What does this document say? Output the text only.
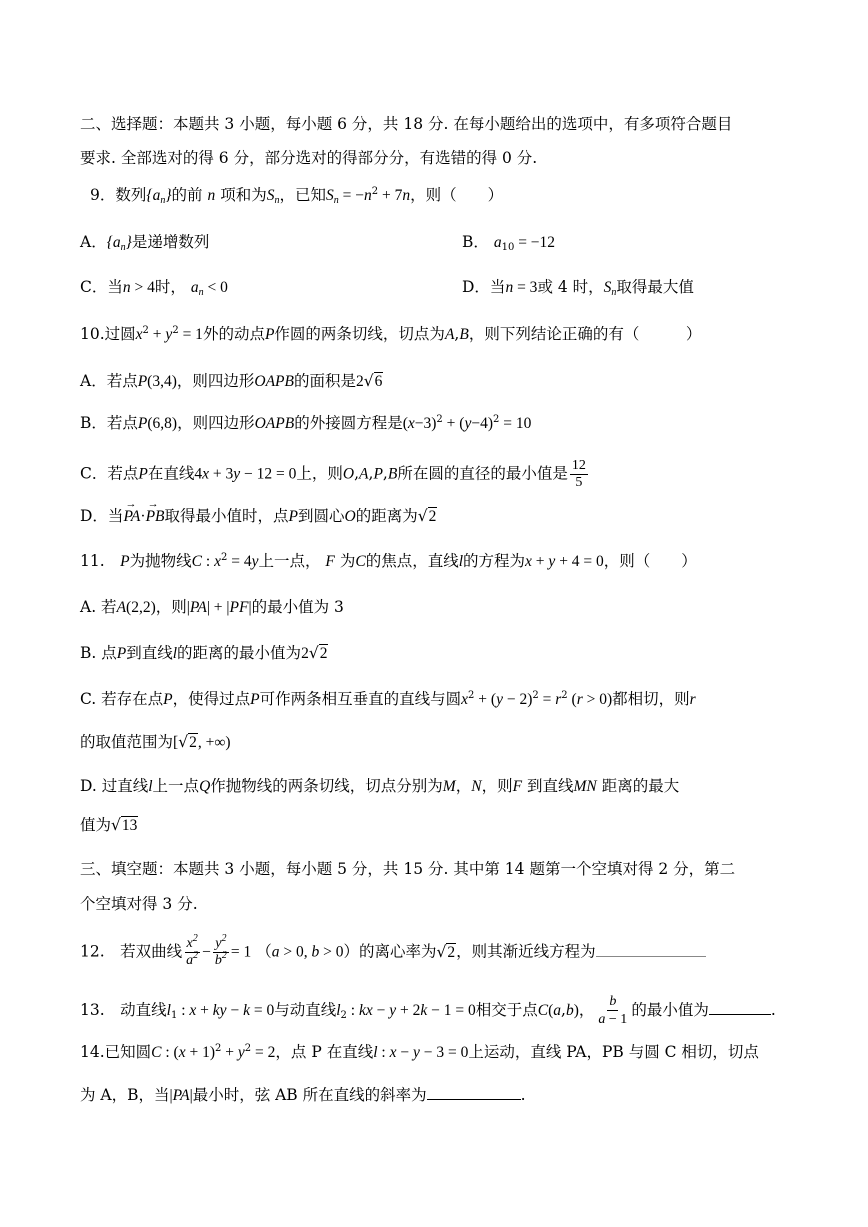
二、选择题：本题共 3 小题，每小题 6 分，共 18 分. 在每小题给出的选项中，有多项符合题目
要求. 全部选对的得 6 分，部分选对的得部分分，有选错的得 0 分.
9．数列$\{a_n\}$的前 n 项和为$S_n$，已知$S_n = -n^2 + 7n$，则（　　）
A．$\{a_n\}$是递增数列	B． $a_{10} = -12$
C．当n > 4时， $a_n < 0$	D．当n = 3或 4 时，$S_n$取得最大值
10.过圆$x^2 + y^2 = 1$外的动点P作圆的两条切线，切点为A,B，则下列结论正确的有（　　　）
A．若点P(3,4)，则四边形OAPB的面积是2√6
B．若点P(6,8)，则四边形OAPB的外接圆方程是$(x-3)^2 + (y-4)^2 = 10$
C．若点P在直线4x + 3y − 12 = 0上，则O,A,P,B所在圆的直径的最小值是 $\frac{12}{5}$
D．当→ PA·→ PB取得最小值时，点P到圆心O的距离为√2
11.　 P为抛物线C : $x^2 = 4y$上一点， F 为C的焦点，直线l的方程为x + y + 4 = 0，则（　　）
A. 若A(2,2)，则|PA| + |PF|的最小值为 3
B. 点P到直线l的距离的最小值为2√2
C. 若存在点P，使得过点P可作两条相互垂直的直线与圆$x^2 + (y - 2)^2 = r^2$ (r > 0)都相切，则r
的取值范围为[√2, +∞)
D. 过直线l上一点Q作抛物线的两条切线，切点分别为M，N，则F 到直线MN 距离的最大
值为√13
三、填空题：本题共 3 小题，每小题 5 分，共 15 分. 其中第 14 题第一个空填对得 2 分，第二
个空填对得 3 分.
12.　若双曲线 $\frac{x^2}{a^2} - \frac{y^2}{b^2} = 1$ （a > 0, b > 0）的离心率为√2，则其渐近线方程为
13.　动直线$l_1$ : x + ky − k = 0与动直线$l_2$ : kx − y + 2k − 1 = 0相交于点C(a,b)， $\frac{b}{a - 1}$ 的最小值为	.
14.已知圆C : $(x + 1)^2 + y^2 = 2$，点 P 在直线l : x − y − 3 = 0上运动，直线 PA，PB 与圆 C 相切，切点
为 A，B，当|PA|最小时，弦 AB 所在直线的斜率为	.
